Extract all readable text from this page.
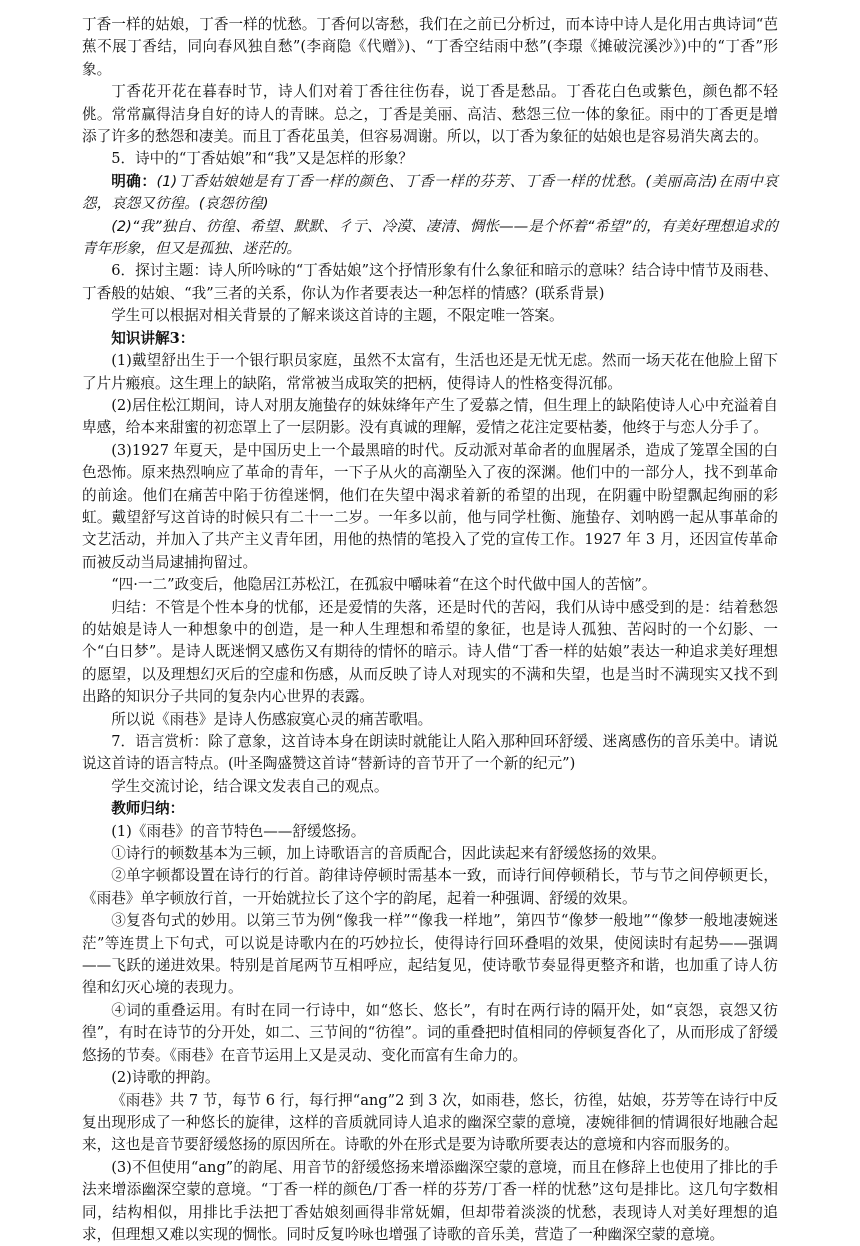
丁香一样的姑娘，丁香一样的忧愁。丁香何以寄愁，我们在之前已分析过，而本诗中诗人是化用古典诗词“芭蕉不展丁香结，同向春风独自愁”(李商隐《代赠》)、“丁香空结雨中愁”(李璟《摊破浣溪沙》)中的“丁香”形象。

丁香花开花在暮春时节，诗人们对着丁香往往伤春，说丁香是愁品。丁香花白色或紫色，颜色都不轻佻。常常赢得洁身自好的诗人的青睐。总之，丁香是美丽、高洁、愁怨三位一体的象征。雨中的丁香更是增添了许多的愁怨和凄美。而且丁香花虽美，但容易凋谢。所以，以丁香为象征的姑娘也是容易消失离去的。

5．诗中的“丁香姑娘”和“我”又是怎样的形象？

明确：(1)丁香姑娘她是有丁香一样的颜色、丁香一样的芬芳、丁香一样的忧愁。(美丽高洁)在雨中哀怨，哀怨又彷徨。(哀怨彷徨)

(2)“我”独自、彷徨、希望、默默、彳亍、冷漠、凄清、惆怅——是个怀着“希望”的，有美好理想追求的青年形象，但又是孤独、迷茫的。

6．探讨主题：诗人所吟咏的“丁香姑娘”这个抒情形象有什么象征和暗示的意味？结合诗中情节及雨巷、丁香般的姑娘、“我”三者的关系，你认为作者要表达一种怎样的情感？(联系背景)

学生可以根据对相关背景的了解来谈这首诗的主题，不限定唯一答案。

知识讲解3：

(1)戴望舒出生于一个银行职员家庭，虽然不太富有，生活也还是无忧无虑。然而一场天花在他脸上留下了片片瘢痕。这生理上的缺陷，常常被当成取笑的把柄，使得诗人的性格变得沉郁。

(2)居住松江期间，诗人对朋友施蛰存的妹妹绛年产生了爱慕之情，但生理上的缺陷使诗人心中充溢着自卑感，给本来甜蜜的初恋罩上了一层阴影。没有真诚的理解，爱情之花注定要枯萎，他终于与恋人分手了。

(3)1927 年夏天，是中国历史上一个最黑暗的时代。反动派对革命者的血腥屠杀，造成了笼罩全国的白色恐怖。原来热烈响应了革命的青年，一下子从火的高潮坠入了夜的深渊。他们中的一部分人，找不到革命的前途。他们在痛苦中陷于彷徨迷惘，他们在失望中渴求着新的希望的出现，在阴霾中盼望飘起绚丽的彩虹。戴望舒写这首诗的时候只有二十一二岁。一年多以前，他与同学杜衡、施蛰存、刘呐鸥一起从事革命的文艺活动，并加入了共产主义青年团，用他的热情的笔投入了党的宣传工作。1927 年 3 月，还因宣传革命而被反动当局逮捕拘留过。

“四·一二”政变后，他隐居江苏松江，在孤寂中嚼味着“在这个时代做中国人的苦恼”。

归结：不管是个性本身的忧郁，还是爱情的失落，还是时代的苦闷，我们从诗中感受到的是：结着愁怨的姑娘是诗人一种想象中的创造，是一种人生理想和希望的象征，也是诗人孤独、苦闷时的一个幻影、一个“白日梦”。是诗人既迷惘又感伤又有期待的情怀的暗示。诗人借“丁香一样的姑娘”表达一种追求美好理想的愿望，以及理想幻灭后的空虚和伤感，从而反映了诗人对现实的不满和失望，也是当时不满现实又找不到出路的知识分子共同的复杂内心世界的表露。

所以说《雨巷》是诗人伤感寂寞心灵的痛苦歌唱。

7．语言赏析：除了意象，这首诗本身在朗读时就能让人陷入那种回环舒缓、迷离感伤的音乐美中。请说说这首诗的语言特点。(叶圣陶盛赞这首诗“替新诗的音节开了一个新的纪元”)

学生交流讨论，结合课文发表自己的观点。

教师归纳：

(1)《雨巷》的音节特色——舒缓悠扬。

①诗行的顿数基本为三顿，加上诗歌语言的音质配合，因此读起来有舒缓悠扬的效果。

②单字顿都设置在诗行的行首。韵律诗停顿时需基本一致，而诗行间停顿稍长，节与节之间停顿更长，《雨巷》单字顿放行首，一开始就拉长了这个字的韵尾，起着一种强调、舒缓的效果。

③复沓句式的妙用。以第三节为例“像我一样”“像我一样地”，第四节“像梦一般地”“像梦一般地凄婉迷茫”等连贯上下句式，可以说是诗歌内在的巧妙拉长，使得诗行回环叠唱的效果，使阅读时有起势——强调——飞跃的递进效果。特别是首尾两节互相呼应，起结复见，使诗歌节奏显得更整齐和谐，也加重了诗人彷徨和幻灭心境的表现力。

④词的重叠运用。有时在同一行诗中，如“悠长、悠长”，有时在两行诗的隔开处，如“哀怨，哀怨又彷徨”，有时在诗节的分开处，如二、三节间的“彷徨”。词的重叠把时值相同的停顿复沓化了，从而形成了舒缓悠扬的节奏。《雨巷》在音节运用上又是灵动、变化而富有生命力的。

(2)诗歌的押韵。

《雨巷》共 7 节，每节 6 行，每行押“ang”2 到 3 次，如雨巷，悠长，彷徨，姑娘，芬芳等在诗行中反复出现形成了一种悠长的旋律，这样的音质就同诗人追求的幽深空蒙的意境，凄婉徘徊的情调很好地融合起来，这也是音节要舒缓悠扬的原因所在。诗歌的外在形式是要为诗歌所要表达的意境和内容而服务的。

(3)不但使用“ang”的韵尾、用音节的舒缓悠扬来增添幽深空蒙的意境，而且在修辞上也使用了排比的手法来增添幽深空蒙的意境。“丁香一样的颜色/丁香一样的芬芳/丁香一样的忧愁”这句是排比。这几句字数相同，结构相似，用排比手法把丁香姑娘刻画得非常妩媚，但却带着淡淡的忧愁，表现诗人对美好理想的追求，但理想又难以实现的惆怅。同时反复吟咏也增强了诗歌的音乐美，营造了一种幽深空蒙的意境。
